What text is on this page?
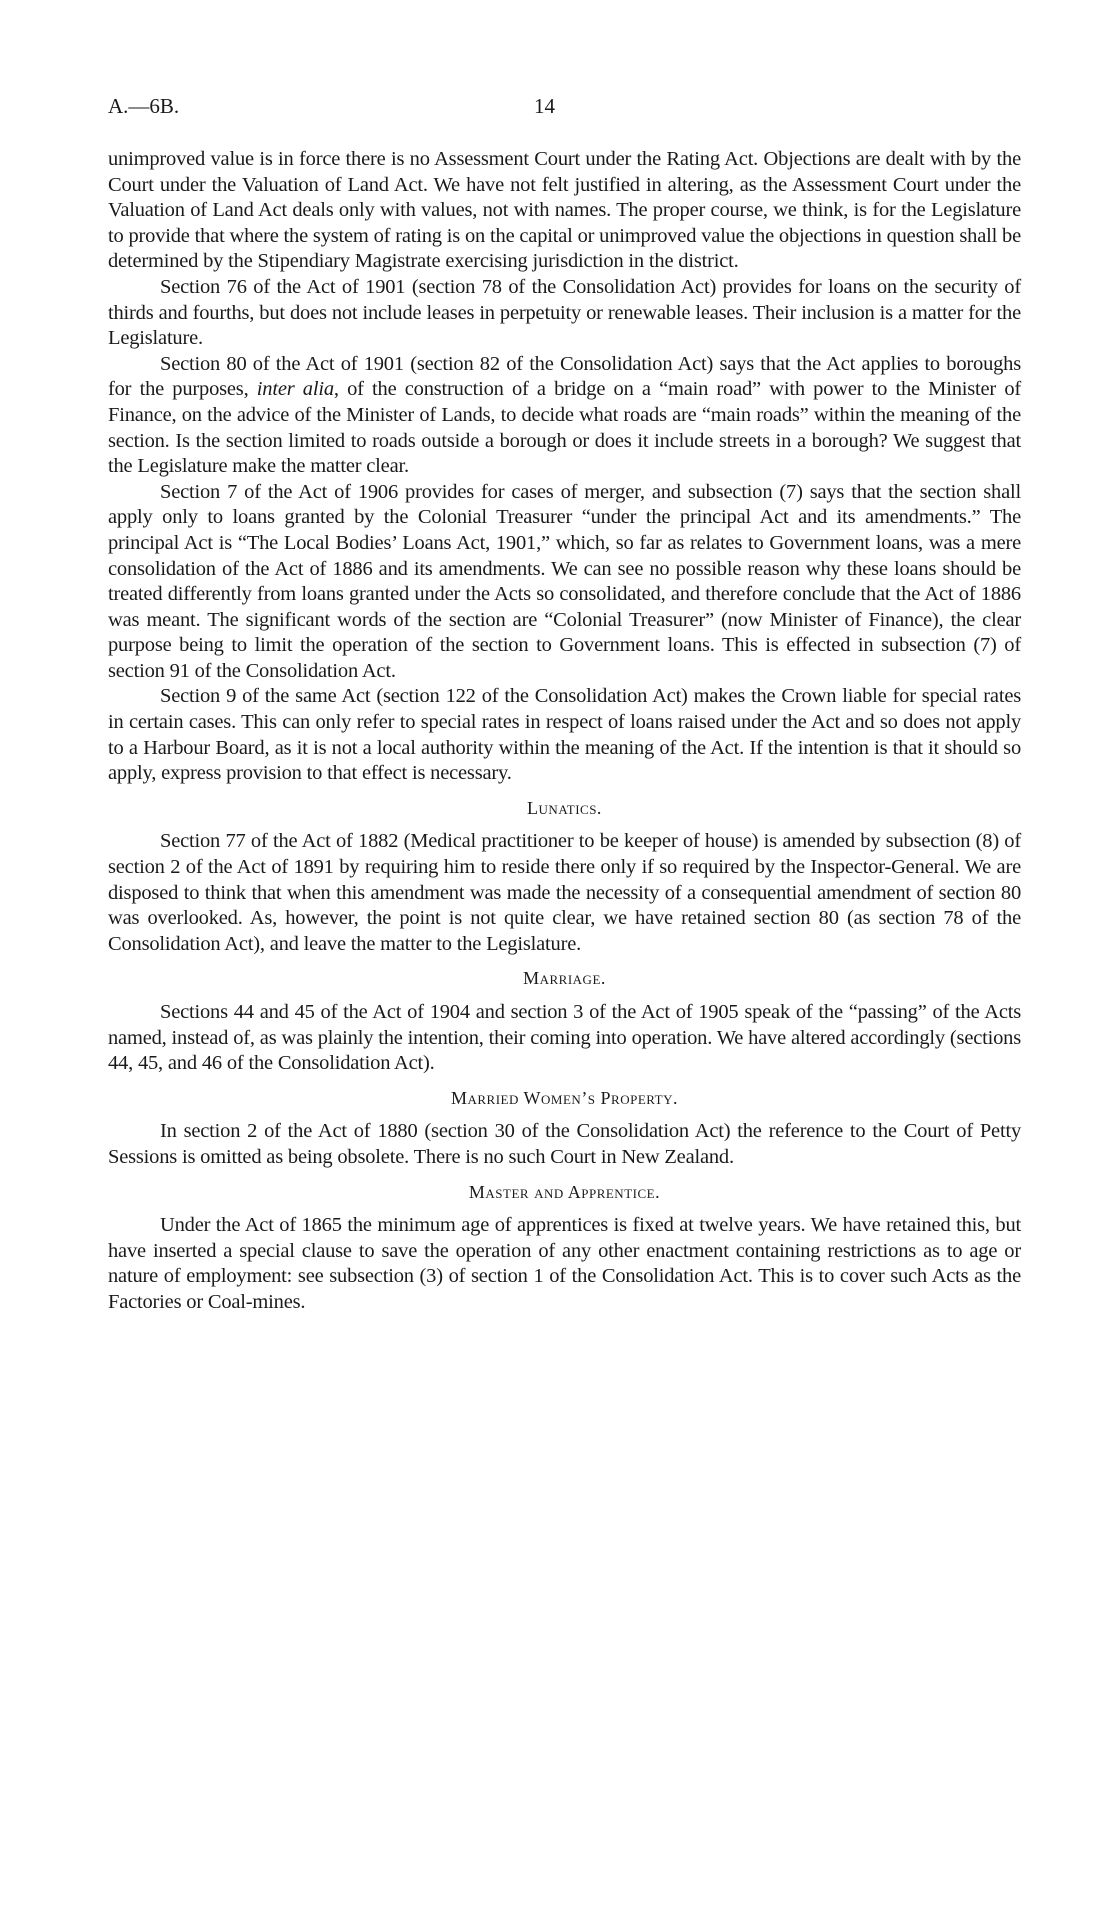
A.—6B.	14

unimproved value is in force there is no Assessment Court under the Rating Act. Objections are dealt with by the Court under the Valuation of Land Act. We have not felt justified in altering, as the Assessment Court under the Valuation of Land Act deals only with values, not with names. The proper course, we think, is for the Legislature to provide that where the system of rating is on the capital or unimproved value the objections in question shall be determined by the Stipendiary Magistrate exercising jurisdiction in the district.

Section 76 of the Act of 1901 (section 78 of the Consolidation Act) provides for loans on the security of thirds and fourths, but does not include leases in perpetuity or renewable leases. Their inclusion is a matter for the Legislature.

Section 80 of the Act of 1901 (section 82 of the Consolidation Act) says that the Act applies to boroughs for the purposes, inter alia, of the construction of a bridge on a “main road” with power to the Minister of Finance, on the advice of the Minister of Lands, to decide what roads are “main roads” within the meaning of the section. Is the section limited to roads outside a borough or does it include streets in a borough? We suggest that the Legislature make the matter clear.

Section 7 of the Act of 1906 provides for cases of merger, and subsection (7) says that the section shall apply only to loans granted by the Colonial Treasurer “under the principal Act and its amendments.” The principal Act is “The Local Bodies’ Loans Act, 1901,” which, so far as relates to Government loans, was a mere consolidation of the Act of 1886 and its amendments. We can see no possible reason why these loans should be treated differently from loans granted under the Acts so consolidated, and therefore conclude that the Act of 1886 was meant. The significant words of the section are “Colonial Treasurer” (now Minister of Finance), the clear purpose being to limit the operation of the section to Government loans. This is effected in subsection (7) of section 91 of the Consolidation Act.

Section 9 of the same Act (section 122 of the Consolidation Act) makes the Crown liable for special rates in certain cases. This can only refer to special rates in respect of loans raised under the Act and so does not apply to a Harbour Board, as it is not a local authority within the meaning of the Act. If the intention is that it should so apply, express provision to that effect is necessary.

Lunatics.

Section 77 of the Act of 1882 (Medical practitioner to be keeper of house) is amended by subsection (8) of section 2 of the Act of 1891 by requiring him to reside there only if so required by the Inspector-General. We are disposed to think that when this amendment was made the necessity of a consequential amendment of section 80 was overlooked. As, however, the point is not quite clear, we have retained section 80 (as section 78 of the Consolidation Act), and leave the matter to the Legislature.

Marriage.

Sections 44 and 45 of the Act of 1904 and section 3 of the Act of 1905 speak of the “passing” of the Acts named, instead of, as was plainly the intention, their coming into operation. We have altered accordingly (sections 44, 45, and 46 of the Consolidation Act).

Married Women’s Property.

In section 2 of the Act of 1880 (section 30 of the Consolidation Act) the reference to the Court of Petty Sessions is omitted as being obsolete. There is no such Court in New Zealand.

Master and Apprentice.

Under the Act of 1865 the minimum age of apprentices is fixed at twelve years. We have retained this, but have inserted a special clause to save the operation of any other enactment containing restrictions as to age or nature of employment: see subsection (3) of section 1 of the Consolidation Act. This is to cover such Acts as the Factories or Coal-mines.
